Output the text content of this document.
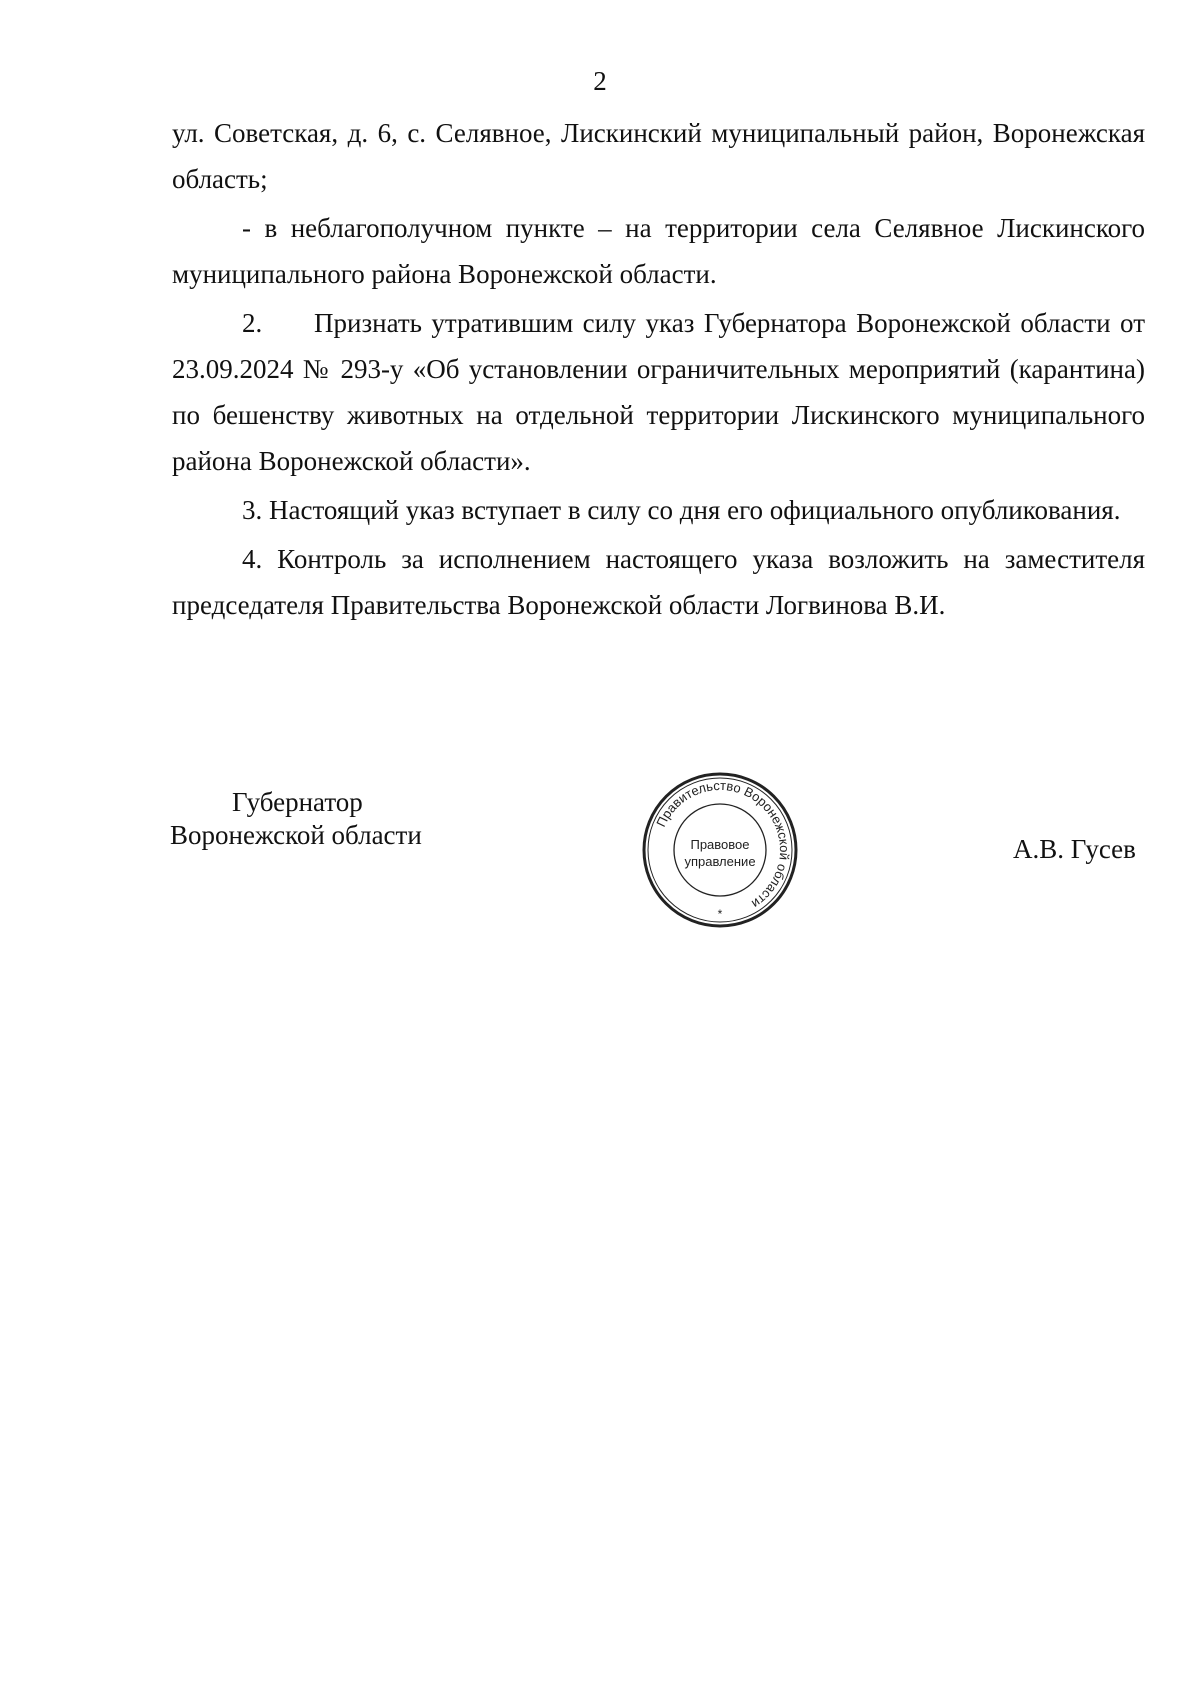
2

ул. Советская, д. 6, с. Селявное, Лискинский муниципальный район, Воронежская область;

- в неблагополучном пункте – на территории села Селявное Лискинского муниципального района Воронежской области.

2. Признать утратившим силу указ Губернатора Воронежской области от 23.09.2024 № 293-у «Об установлении ограничительных мероприятий (карантина) по бешенству животных на отдельной территории Лискинского муниципального района Воронежской области».

3. Настоящий указ вступает в силу со дня его официального опубликования.

4. Контроль за исполнением настоящего указа возложить на заместителя председателя Правительства Воронежской области Логвинова В.И.

Губернатор
Воронежской области	Правительство Воронежской области
Правовое
управление
*
А.В. Гусев
